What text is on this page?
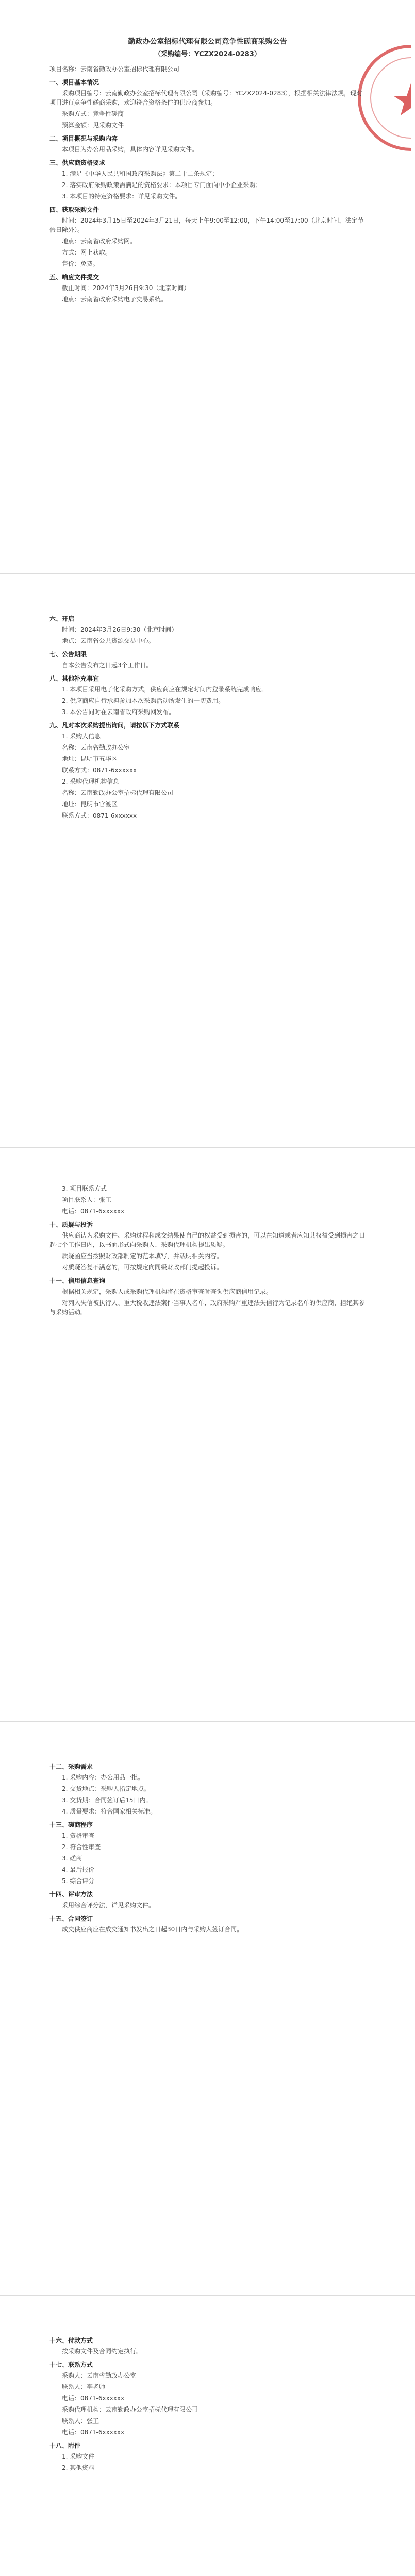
勤政办公室招标代理有限公司竞争性磋商采购公告
（采购编号：YCZX2024-0283）
项目名称：云南省勤政办公室招标代理有限公司
一、项目基本情况
采购项目编号：云南勤政办公室招标代理有限公司（采购编号：YCZX2024-0283），根据相关法律法规，现对项目进行竞争性磋商采购，欢迎符合资格条件的供应商参加。
采购方式：竞争性磋商
预算金额：见采购文件
二、项目概况与采购内容
本项目为办公用品采购，具体内容详见采购文件。
三、供应商资格要求
1. 满足《中华人民共和国政府采购法》第二十二条规定；
2. 落实政府采购政策需满足的资格要求：本项目专门面向中小企业采购；
3. 本项目的特定资格要求：详见采购文件。
四、获取采购文件
时间：2024年3月15日至2024年3月21日，每天上午9:00至12:00，下午14:00至17:00（北京时间，法定节假日除外）。
地点：云南省政府采购网。
方式：网上获取。
售价：免费。
五、响应文件提交
截止时间：2024年3月26日9:30（北京时间）
地点：云南省政府采购电子交易系统。
六、开启
时间：2024年3月26日9:30（北京时间）
地点：云南省公共资源交易中心。
七、公告期限
自本公告发布之日起3个工作日。
八、其他补充事宜
1. 本项目采用电子化采购方式，供应商应在规定时间内登录系统完成响应。
2. 供应商应自行承担参加本次采购活动所发生的一切费用。
3. 本公告同时在云南省政府采购网发布。
九、凡对本次采购提出询问，请按以下方式联系
1. 采购人信息
名称：云南省勤政办公室
地址：昆明市五华区
联系方式：0871-6xxxxxx
2. 采购代理机构信息
名称：云南勤政办公室招标代理有限公司
地址：昆明市官渡区
联系方式：0871-6xxxxxx
3. 项目联系方式
项目联系人：张工
电话：0871-6xxxxxx
十、质疑与投诉
供应商认为采购文件、采购过程和成交结果使自己的权益受到损害的，可以在知道或者应知其权益受到损害之日起七个工作日内，以书面形式向采购人、采购代理机构提出质疑。
质疑函应当按照财政部制定的范本填写，并载明相关内容。
对质疑答复不满意的，可按规定向同级财政部门提起投诉。
十一、信用信息查询
根据相关规定，采购人或采购代理机构将在资格审查时查询供应商信用记录。
对列入失信被执行人、重大税收违法案件当事人名单、政府采购严重违法失信行为记录名单的供应商，拒绝其参与采购活动。
十二、采购需求
1. 采购内容：办公用品一批。
2. 交货地点：采购人指定地点。
3. 交货期：合同签订后15日内。
4. 质量要求：符合国家相关标准。
十三、磋商程序
1. 资格审查
2. 符合性审查
3. 磋商
4. 最后报价
5. 综合评分
十四、评审方法
采用综合评分法，详见采购文件。
十五、合同签订
成交供应商应在成交通知书发出之日起30日内与采购人签订合同。
十六、付款方式
按采购文件及合同约定执行。
十七、联系方式
采购人：云南省勤政办公室
联系人：李老师
电话：0871-6xxxxxx
采购代理机构：云南勤政办公室招标代理有限公司
联系人：张工
电话：0871-6xxxxxx
十八、附件
1. 采购文件
2. 其他资料
